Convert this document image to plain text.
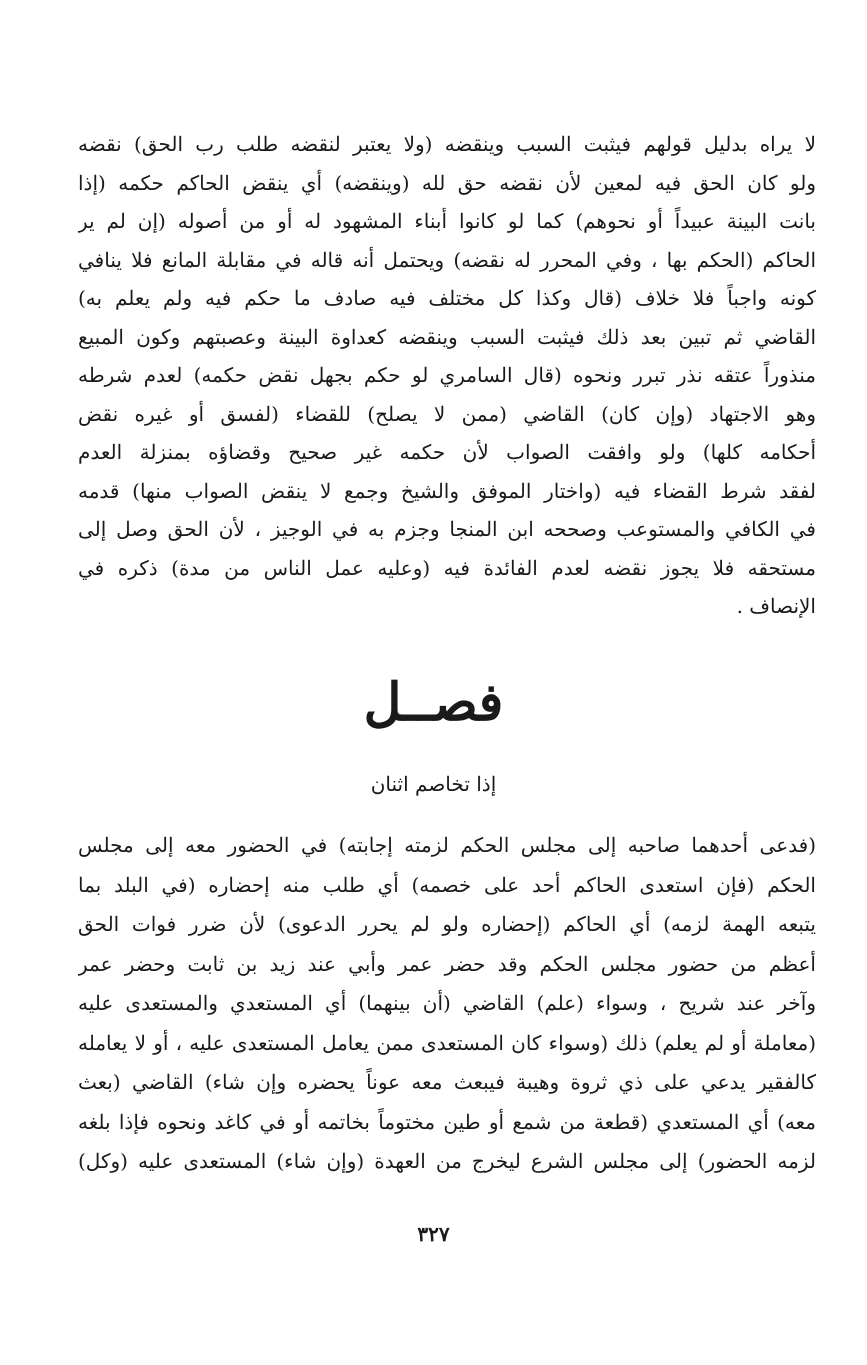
لا يراه بدليل قولهم فيثبت السبب وينقضه (ولا يعتبر لنقضه طلب رب الحق) نقضه
ولو كان الحق فيه لمعين لأن نقضه حق لله (وينقضه) أي ينقض الحاكم حكمه (إذا
بانت البينة عبيداً أو نحوهم) كما لو كانوا أبناء المشهود له أو من أصوله (إن لم ير
الحاكم (الحكم بها ، وفي المحرر له نقضه) ويحتمل أنه قاله في مقابلة المانع فلا ينافي
كونه واجباً فلا خلاف (قال وكذا كل مختلف فيه صادف ما حكم فيه ولم يعلم به)
القاضي ثم تبين بعد ذلك فيثبت السبب وينقضه كعداوة البينة وعصبتهم وكون المبيع
منذوراً عتقه نذر تبرر ونحوه (قال السامري لو حكم بجهل نقض حكمه) لعدم شرطه
وهو الاجتهاد (وإن كان) القاضي (ممن لا يصلح) للقضاء (لفسق أو غيره نقض
أحكامه كلها) ولو وافقت الصواب لأن حكمه غير صحيح وقضاؤه بمنزلة العدم
لفقد شرط القضاء فيه (واختار الموفق والشيخ وجمع لا ينقض الصواب منها) قدمه
في الكافي والمستوعب وصححه ابن المنجا وجزم به في الوجيز ، لأن الحق وصل إلى
مستحقه فلا يجوز نقضه لعدم الفائدة فيه (وعليه عمل الناس من مدة) ذكره في
الإنصاف .
فصــل
إذا تخاصم اثنان
(فدعى أحدهما صاحبه إلى مجلس الحكم لزمته إجابته) في الحضور معه إلى مجلس
الحكم (فإن استعدى الحاكم أحد على خصمه) أي طلب منه إحضاره (في البلد بما
يتبعه الهمة لزمه) أي الحاكم (إحضاره ولو لم يحرر الدعوى) لأن ضرر فوات الحق
أعظم من حضور مجلس الحكم وقد حضر عمر وأبي عند زيد بن ثابت وحضر عمر
وآخر عند شريح ، وسواء (علم) القاضي (أن بينهما) أي المستعدي والمستعدى عليه
(معاملة أو لم يعلم) ذلك (وسواء كان المستعدى ممن يعامل المستعدى عليه ، أو لا يعامله
كالفقير يدعي على ذي ثروة وهيبة فيبعث معه عوناً يحضره وإن شاء) القاضي (بعث
معه) أي المستعدي (قطعة من شمع أو طين مختوماً بخاتمه أو في كاغد ونحوه فإذا بلغه
لزمه الحضور) إلى مجلس الشرع ليخرج من العهدة (وإن شاء) المستعدى عليه (وكل)
٣٢٧
